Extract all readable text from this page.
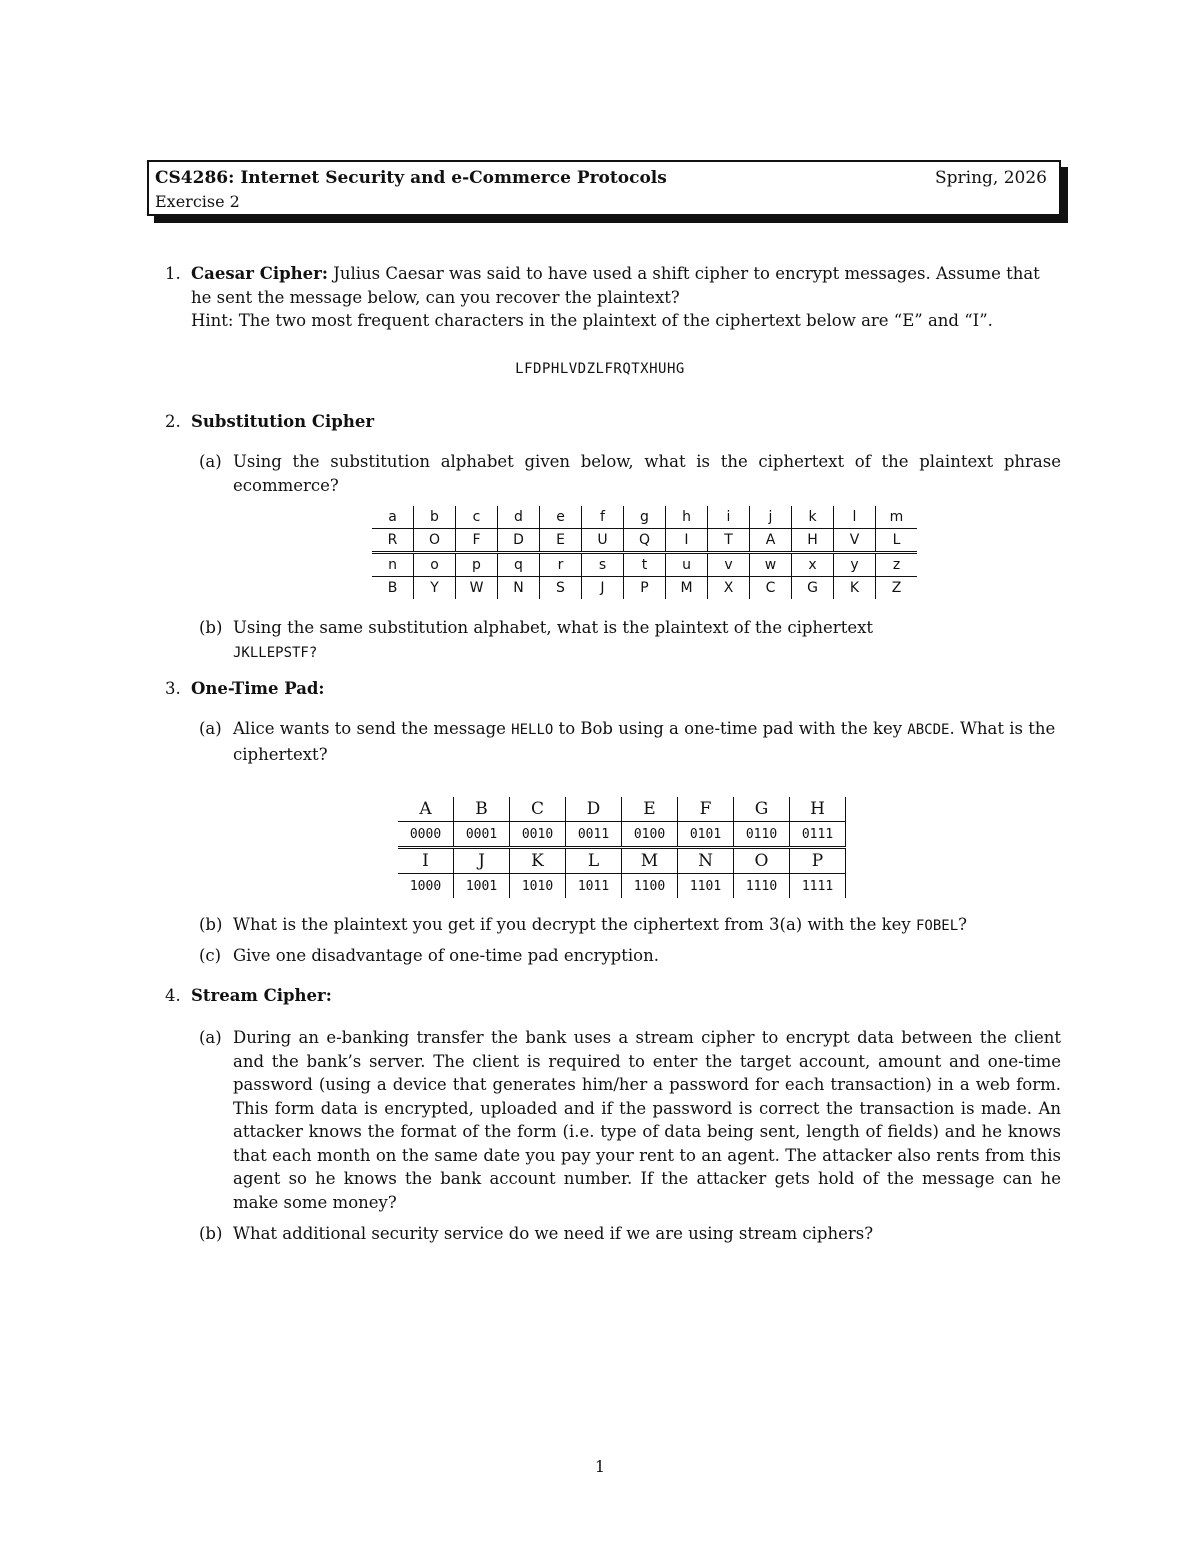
CS4286: Internet Security and e-Commerce Protocols
Exercise 2
Spring, 2026
1. Caesar Cipher: Julius Caesar was said to have used a shift cipher to encrypt messages. Assume that he sent the message below, can you recover the plaintext?
Hint: The two most frequent characters in the plaintext of the ciphertext below are “E” and “I”.
LFDPHLVDZLFRQTXHUHG
2. Substitution Cipher
(a) Using the substitution alphabet given below, what is the ciphertext of the plaintext phrase ecommerce?
a	b	c	d	e	f	g	h	i	j	k	l	m
R	O	F	D	E	U	Q	I	T	A	H	V	L
n	o	p	q	r	s	t	u	v	w	x	y	z
B	Y	W	N	S	J	P	M	X	C	G	K	Z
(b) Using the same substitution alphabet, what is the plaintext of the ciphertext
JKLLEPSTF?
3. One-Time Pad:
(a) Alice wants to send the message HELLO to Bob using a one-time pad with the key ABCDE. What is the ciphertext?
A	B	C	D	E	F	G	H
0000	0001	0010	0011	0100	0101	0110	0111
I	J	K	L	M	N	O	P
1000	1001	1010	1011	1100	1101	1110	1111
(b) What is the plaintext you get if you decrypt the ciphertext from 3(a) with the key FOBEL?
(c) Give one disadvantage of one-time pad encryption.
4. Stream Cipher:
(a) During an e-banking transfer the bank uses a stream cipher to encrypt data between the client and the bank’s server. The client is required to enter the target account, amount and one-time password (using a device that generates him/her a password for each transaction) in a web form. This form data is encrypted, uploaded and if the password is correct the transaction is made. An attacker knows the format of the form (i.e. type of data being sent, length of fields) and he knows that each month on the same date you pay your rent to an agent. The attacker also rents from this agent so he knows the bank account number. If the attacker gets hold of the message can he make some money?
(b) What additional security service do we need if we are using stream ciphers?
1
